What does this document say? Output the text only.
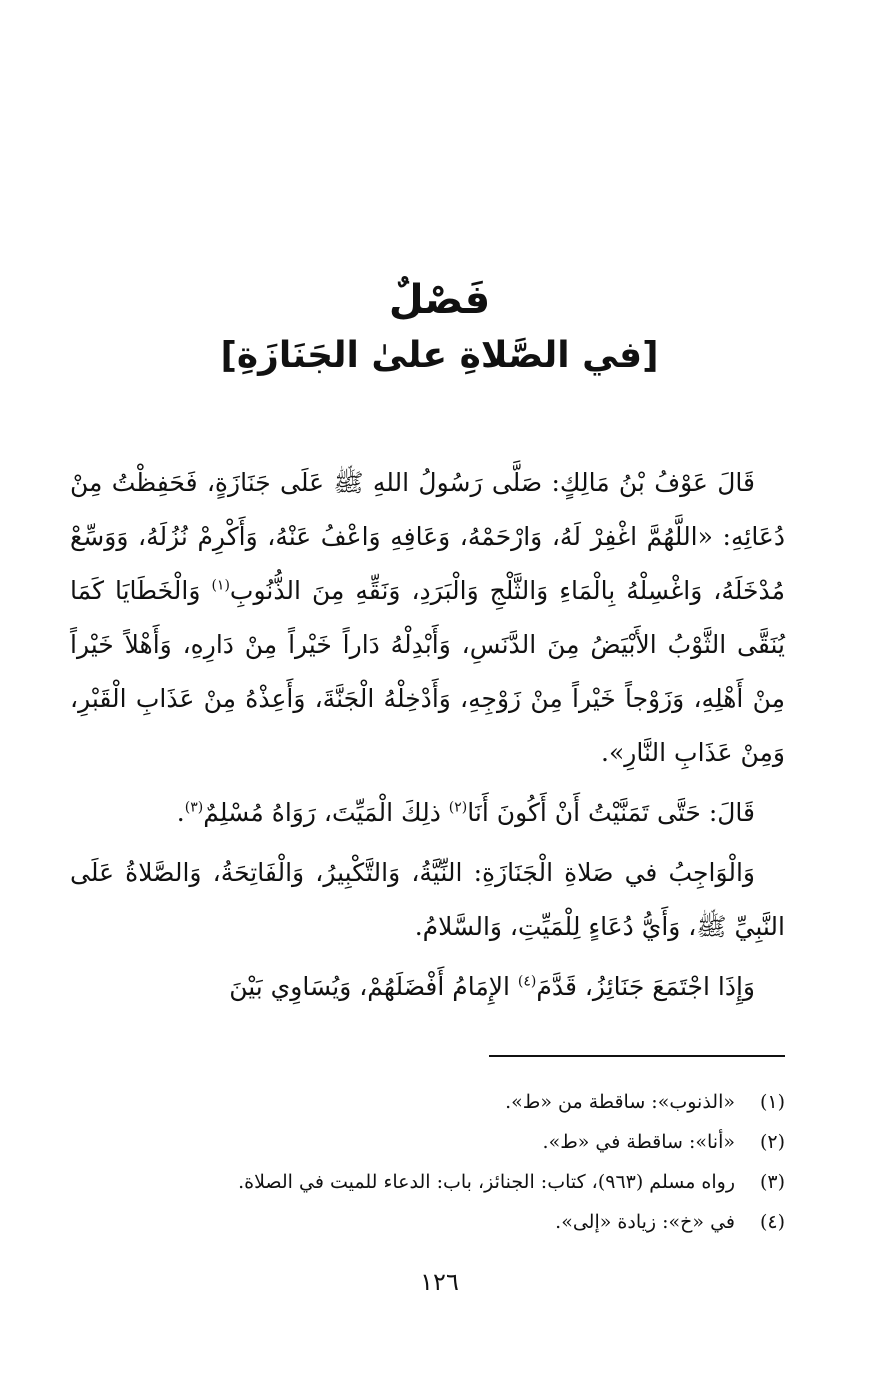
فَصْلٌ
[في الصَّلاةِ علىٰ الجَنَازَةِ]

قَالَ عَوْفُ بْنُ مَالِكٍ: صَلَّى رَسُولُ اللهِ ﷺ عَلَى جَنَازَةٍ، فَحَفِظْتُ مِنْ دُعَائِهِ: «اللَّهُمَّ اغْفِرْ لَهُ، وَارْحَمْهُ، وَعَافِهِ وَاعْفُ عَنْهُ، وَأَكْرِمْ نُزُلَهُ، وَوَسِّعْ مُدْخَلَهُ، وَاغْسِلْهُ بِالْمَاءِ وَالثَّلْجِ وَالْبَرَدِ، وَنَقِّهِ مِنَ الذُّنُوبِ$^{(١)}$ وَالْخَطَايَا كَمَا يُنَقَّى الثَّوْبُ الأَبْيَضُ مِنَ الدَّنَسِ، وَأَبْدِلْهُ دَاراً خَيْراً مِنْ دَارِهِ، وَأَهْلاً خَيْراً مِنْ أَهْلِهِ، وَزَوْجاً خَيْراً مِنْ زَوْجِهِ، وَأَدْخِلْهُ الْجَنَّةَ، وَأَعِذْهُ مِنْ عَذَابِ الْقَبْرِ، وَمِنْ عَذَابِ النَّارِ».

قَالَ: حَتَّى تَمَنَّيْتُ أَنْ أَكُونَ أَنَا$^{(٢)}$ ذلِكَ الْمَيِّتَ، رَوَاهُ مُسْلِمٌ$^{(٣)}$.

وَالْوَاجِبُ في صَلاةِ الْجَنَازَةِ: النِّيَّةُ، وَالتَّكْبِيرُ، وَالْفَاتِحَةُ، وَالصَّلاةُ عَلَى النَّبِيِّ ﷺ، وَأَيُّ دُعَاءٍ لِلْمَيِّتِ، وَالسَّلامُ.

وَإِذَا اجْتَمَعَ جَنَائِزُ، قَدَّمَ$^{(٤)}$ الإِمَامُ أَفْضَلَهُمْ، وَيُسَاوِي بَيْنَ

(١)«الذنوب»: ساقطة من «ط».
(٢)«أنا»: ساقطة في «ط».
(٣)رواه مسلم (٩٦٣)، كتاب: الجنائز، باب: الدعاء للميت في الصلاة.
(٤)في «خ»: زيادة «إلى».
١٢٦
